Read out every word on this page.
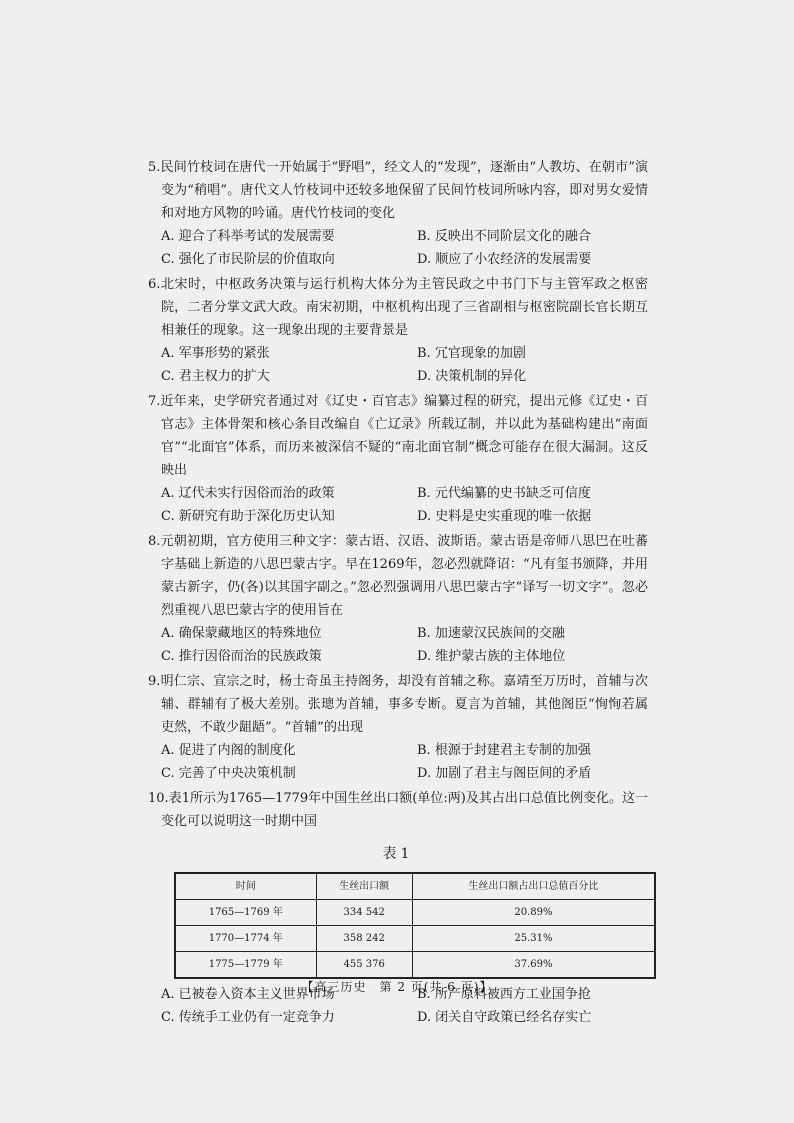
5.民间竹枝词在唐代一开始属于“野唱”，经文人的“发现”，逐渐由“人教坊、在朝市”演变为“稍唱”。唐代文人竹枝词中还较多地保留了民间竹枝词所咏内容，即对男女爱情和对地方风物的吟诵。唐代竹枝词的变化
A. 迎合了科举考试的发展需要	B. 反映出不同阶层文化的融合
C. 强化了市民阶层的价值取向	D. 顺应了小农经济的发展需要
6.北宋时，中枢政务决策与运行机构大体分为主管民政之中书门下与主管军政之枢密院，二者分掌文武大政。南宋初期，中枢机构出现了三省副相与枢密院副长官长期互相兼任的现象。这一现象出现的主要背景是
A. 军事形势的紧张	B. 冗官现象的加剧
C. 君主权力的扩大	D. 决策机制的异化
7.近年来，史学研究者通过对《辽史・百官志》编纂过程的研究，提出元修《辽史・百官志》主体骨架和核心条目改编自《亡辽录》所载辽制，并以此为基础构建出“南面官”“北面官”体系，而历来被深信不疑的“南北面官制”概念可能存在很大漏洞。这反映出
A. 辽代未实行因俗而治的政策	B. 元代编纂的史书缺乏可信度
C. 新研究有助于深化历史认知	D. 史料是史实重现的唯一依据
8.元朝初期，官方使用三种文字：蒙古语、汉语、波斯语。蒙古语是帝师八思巴在吐蕃字基础上新造的八思巴蒙古字。早在1269年，忽必烈就降诏：“凡有玺书颁降，并用蒙古新字，仍(各)以其国字副之。”忽必烈强调用八思巴蒙古字“译写一切文字”。忽必烈重视八思巴蒙古字的使用旨在
A. 确保蒙藏地区的特殊地位	B. 加速蒙汉民族间的交融
C. 推行因俗而治的民族政策	D. 维护蒙古族的主体地位
9.明仁宗、宣宗之时，杨士奇虽主持阁务，却没有首辅之称。嘉靖至万历时，首辅与次辅、群辅有了极大差别。张璁为首辅，事多专断。夏言为首辅，其他阁臣“恂恂若属吏然，不敢少龃龉”。“首辅”的出现
A. 促进了内阁的制度化	B. 根源于封建君主专制的加强
C. 完善了中央决策机制	D. 加剧了君主与阁臣间的矛盾
10.表1所示为1765—1779年中国生丝出口额(单位:两)及其占出口总值比例变化。这一变化可以说明这一时期中国
表1
时间	生丝出口额	生丝出口额占出口总值百分比
1765—1769 年	334 542	20.89%
1770—1774 年	358 242	25.31%
1775—1779 年	455 376	37.69%
A. 已被卷入资本主义世界市场	B. 所产原料被西方工业国争抢
C. 传统手工业仍有一定竞争力	D. 闭关自守政策已经名存实亡
【高三历史　第 2 页(共 6 页)】
